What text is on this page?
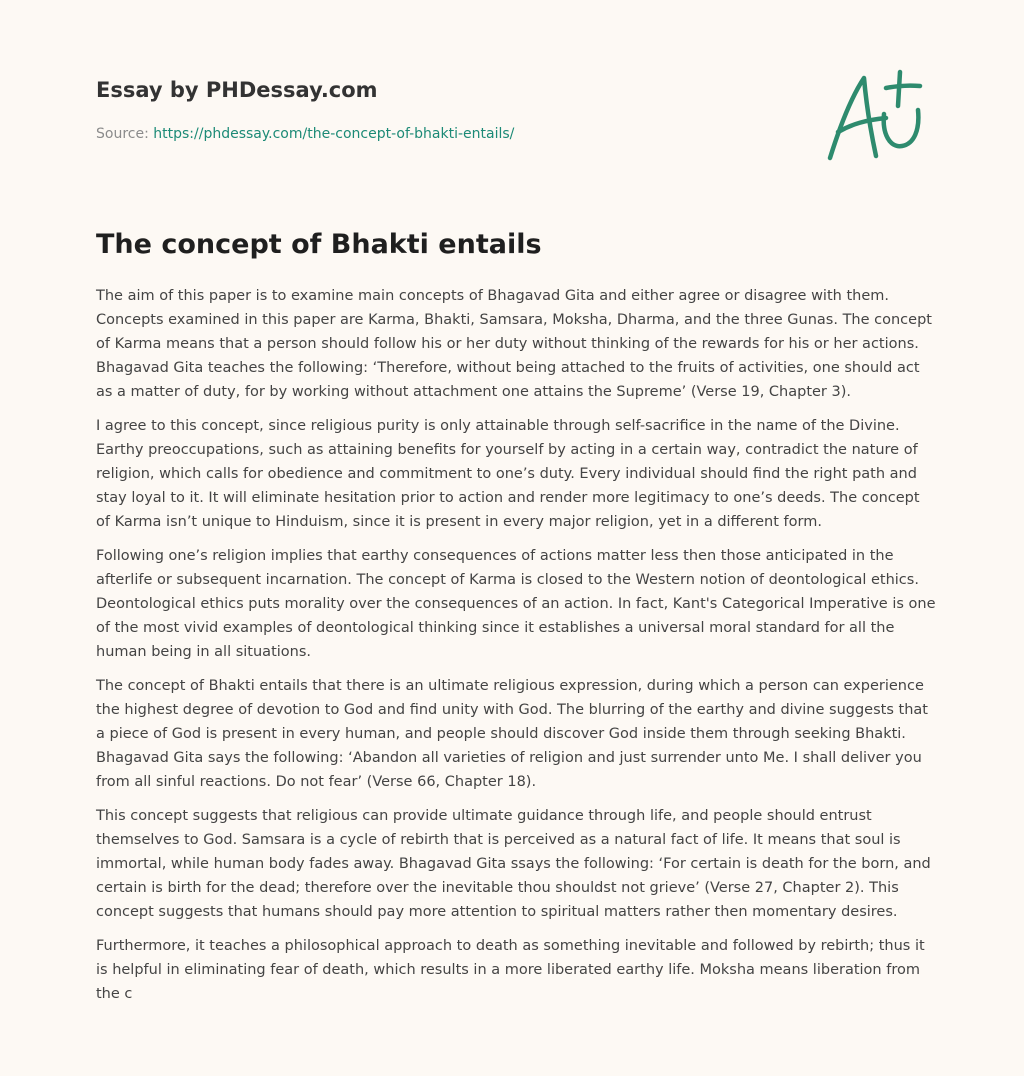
Essay by PHDessay.com
Source: https://phdessay.com/the-concept-of-bhakti-entails/
The concept of Bhakti entails

The aim of this paper is to examine main concepts of Bhagavad Gita and either agree or disagree with them. Concepts examined in this paper are Karma, Bhakti, Samsara, Moksha, Dharma, and the three Gunas. The concept of Karma means that a person should follow his or her duty without thinking of the rewards for his or her actions. Bhagavad Gita teaches the following: ‘Therefore, without being attached to the fruits of activities, one should act as a matter of duty, for by working without attachment one attains the Supreme’ (Verse 19, Chapter 3).

I agree to this concept, since religious purity is only attainable through self-sacrifice in the name of the Divine. Earthy preoccupations, such as attaining benefits for yourself by acting in a certain way, contradict the nature of religion, which calls for obedience and commitment to one’s duty. Every individual should find the right path and stay loyal to it. It will eliminate hesitation prior to action and render more legitimacy to one’s deeds. The concept of Karma isn’t unique to Hinduism, since it is present in every major religion, yet in a different form.

Following one’s religion implies that earthy consequences of actions matter less then those anticipated in the afterlife or subsequent incarnation. The concept of Karma is closed to the Western notion of deontological ethics. Deontological ethics puts morality over the consequences of an action. In fact, Kant's Categorical Imperative is one of the most vivid examples of deontological thinking since it establishes a universal moral standard for all the human being in all situations.

The concept of Bhakti entails that there is an ultimate religious expression, during which a person can experience the highest degree of devotion to God and find unity with God. The blurring of the earthy and divine suggests that a piece of God is present in every human, and people should discover God inside them through seeking Bhakti. Bhagavad Gita says the following: ‘Abandon all varieties of religion and just surrender unto Me. I shall deliver you from all sinful reactions. Do not fear’ (Verse 66, Chapter 18).

This concept suggests that religious can provide ultimate guidance through life, and people should entrust themselves to God. Samsara is a cycle of rebirth that is perceived as a natural fact of life. It means that soul is immortal, while human body fades away. Bhagavad Gita ssays the following: ‘For certain is death for the born, and certain is birth for the dead; therefore over the inevitable thou shouldst not grieve’ (Verse 27, Chapter 2). This concept suggests that humans should pay more attention to spiritual matters rather then momentary desires.

Furthermore, it teaches a philosophical approach to death as something inevitable and followed by rebirth; thus it is helpful in eliminating fear of death, which results in a more liberated earthy life. Moksha means liberation from the c
